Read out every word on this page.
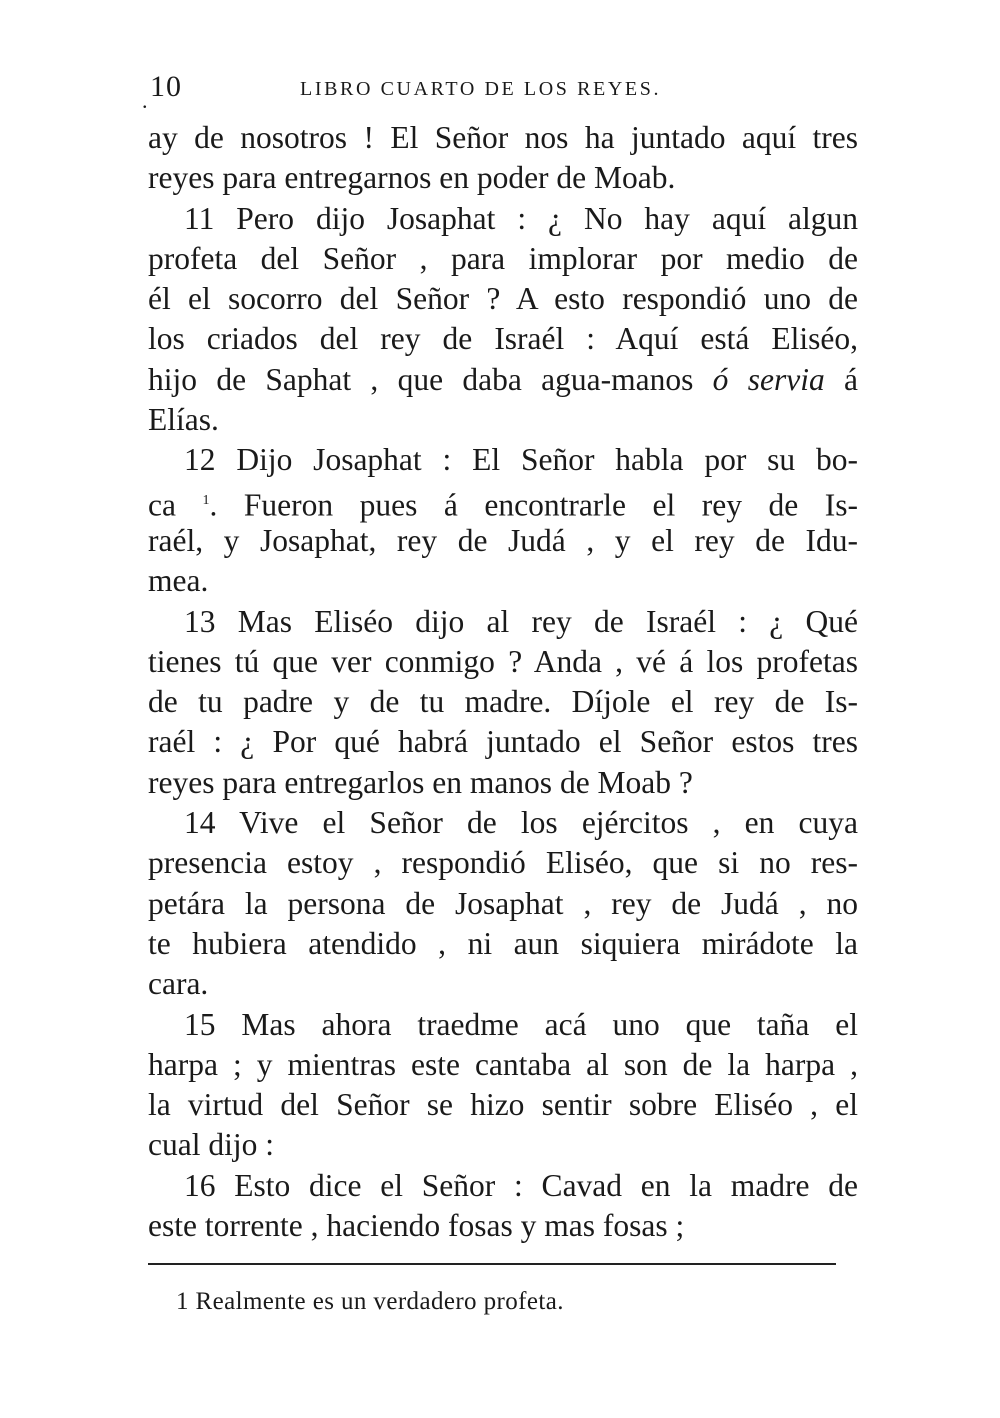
. 10	LIBRO CUARTO DE LOS REYES.
ay de nosotros ! El Señor nos ha juntado aquí tres
reyes para entregarnos en poder de Moab.
11 Pero dijo Josaphat : ¿ No hay aquí algun
profeta del Señor , para implorar por medio de
él el socorro del Señor ? A esto respondió uno de
los criados del rey de Israél : Aquí está Eliséo,
hijo de Saphat , que daba agua-manos ó servia á
Elías.
12 Dijo Josaphat : El Señor habla por su bo-
ca $^1$. Fueron pues á encontrarle el rey de Is-
raél, y Josaphat, rey de Judá , y el rey de Idu-
mea.
13 Mas Eliséo dijo al rey de Israél : ¿ Qué
tienes tú que ver conmigo ? Anda , vé á los profetas
de tu padre y de tu madre. Díjole el rey de Is-
raél : ¿ Por qué habrá juntado el Señor estos tres
reyes para entregarlos en manos de Moab ?
14 Vive el Señor de los ejércitos , en cuya
presencia estoy , respondió Eliséo, que si no res-
petára la persona de Josaphat , rey de Judá , no
te hubiera atendido , ni aun siquiera mirádote la
cara.
15 Mas ahora traedme acá uno que taña el
harpa ; y mientras este cantaba al son de la harpa ,
la virtud del Señor se hizo sentir sobre Eliséo , el
cual dijo :
16 Esto dice el Señor : Cavad en la madre de
este torrente , haciendo fosas y mas fosas ;
1 Realmente es un verdadero profeta.
